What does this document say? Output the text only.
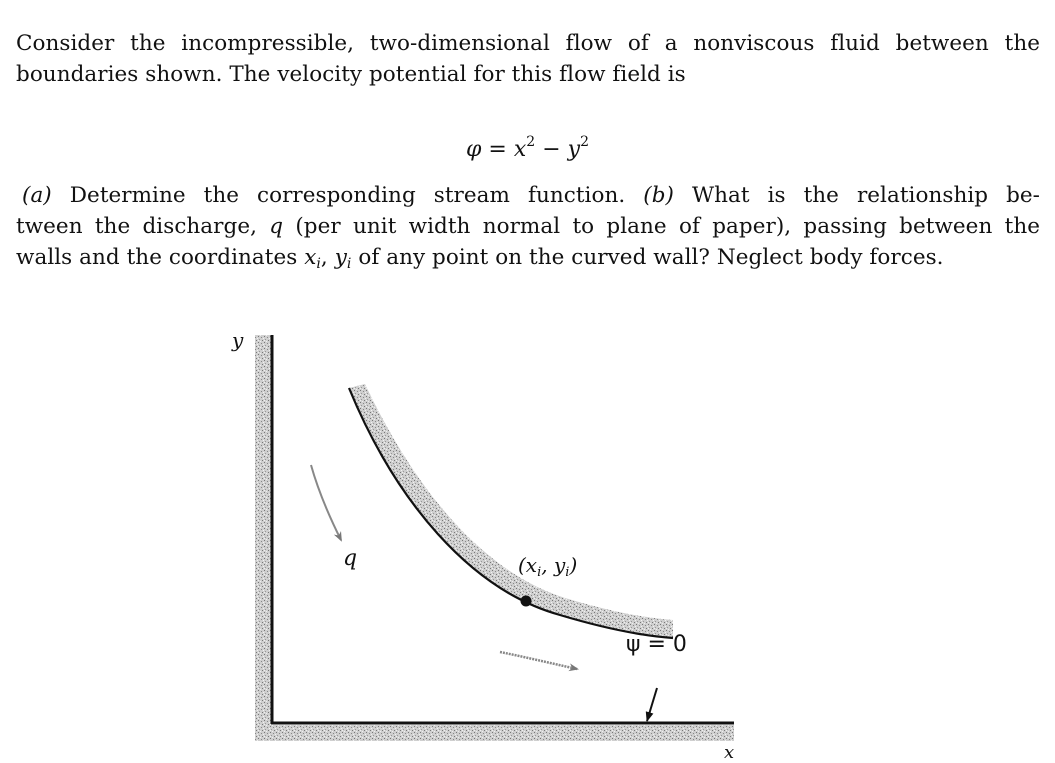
Consider the incompressible, two-dimensional flow of a nonviscous fluid between the
boundaries shown. The velocity potential for this flow field is
$\varphi = x^2 - y^2$
(a) Determine the corresponding stream function. (b) What is the relationship be-
tween the discharge, q (per unit width normal to plane of paper), passing between the
walls and the coordinates $x_i$, $y_i$ of any point on the curved wall? Neglect body forces.
y
x
q	($x_i$, $y_i$)
ψ = 0
